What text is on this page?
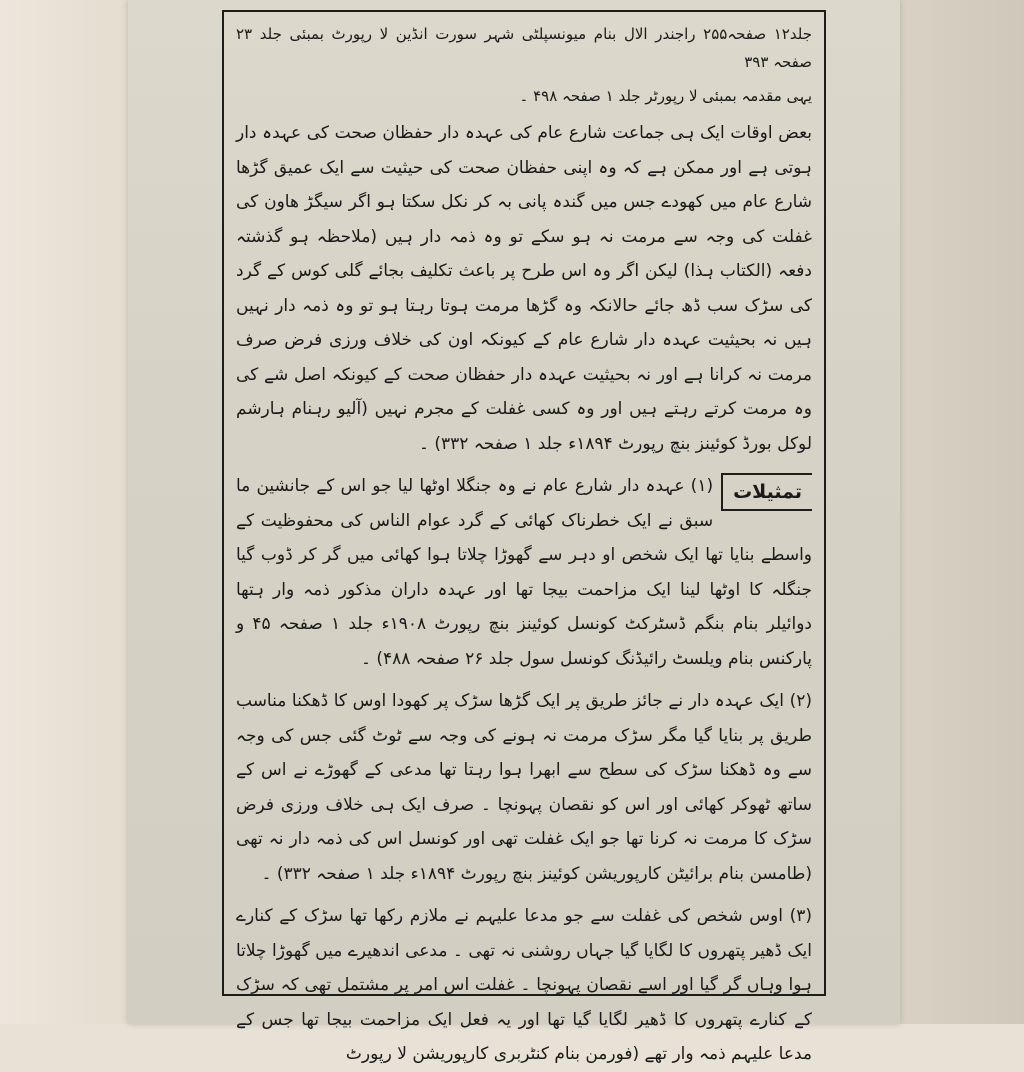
جلد۱۲ صفحہ۲۵۵ راجندر الال بنام میونسپلٹی شہر سورت انڈین لا رپورٹ بمبئی جلد ۲۳ صفحہ ۳۹۳

یہی مقدمہ بمبئی لا رپورٹر جلد ۱ صفحہ ۴۹۸ ۔

بعض اوقات ایک ہی جماعت شارع عام کی عہدہ دار حفظان صحت کی عہدہ دار ہوتی ہے اور ممکن ہے کہ وہ اپنی حفظان صحت کی حیثیت سے ایک عمیق گڑھا شارع عام میں کھودے جس میں گندہ پانی بہ کر نکل سکتا ہو اگر سیگڑ ھاون کی غفلت کی وجہ سے مرمت نہ ہو سکے تو وہ ذمہ دار ہیں (ملاحظہ ہو گذشتہ دفعہ (الکتاب ہذا) لیکن اگر وہ اس طرح پر باعث تکلیف بجائے گلی کوس کے گرد کی سڑک سب ڈھ جائے حالانکہ وہ گڑھا مرمت ہوتا رہتا ہو تو وہ ذمہ دار نہیں ہیں نہ بحیثیت عہدہ دار شارع عام کے کیونکہ اون کی خلاف ورزی فرض صرف مرمت نہ کرانا ہے اور نہ بحیثیت عہدہ دار حفظان صحت کے کیونکہ اصل شے کی وہ مرمت کرتے رہتے ہیں اور وہ کسی غفلت کے مجرم نہیں (آلیو رہنام ہارشم لوکل بورڈ کوئینز بنچ رپورٹ ۱۸۹۴ء جلد ۱ صفحہ ۳۳۲) ۔

تمثیلات

(۱) عہدہ دار شارع عام نے وہ جنگلا اوٹھا لیا جو اس کے جانشین ما سبق نے ایک خطرناک کھائی کے گرد عوام الناس کی محفوظیت کے واسطے بنایا تھا ایک شخص او دہر سے گھوڑا چلاتا ہوا کھائی میں گر کر ڈوب گیا جنگلہ کا اوٹھا لینا ایک مزاحمت بیجا تھا اور عہدہ داران مذکور ذمہ وار ہتھا دوائیلر بنام بنگم ڈسٹرکٹ کونسل کوئینز بنچ رپورٹ ۱۹۰۸ء جلد ۱ صفحہ ۴۵ و پارکنس بنام ویلسٹ رائیڈنگ کونسل سول جلد ۲۶ صفحہ ۴۸۸) ۔

(۲) ایک عہدہ دار نے جائز طریق پر ایک گڑھا سڑک پر کھودا اوس کا ڈھکنا مناسب طریق پر بنایا گیا مگر سڑک مرمت نہ ہونے کی وجہ سے ٹوٹ گئی جس کی وجہ سے وہ ڈھکنا سڑک کی سطح سے ابھرا ہوا رہتا تھا مدعی کے گھوڑے نے اس کے ساتھ ٹھوکر کھائی اور اس کو نقصان پہونچا ۔ صرف ایک ہی خلاف ورزی فرض سڑک کا مرمت نہ کرنا تھا جو ایک غفلت تھی اور کونسل اس کی ذمہ دار نہ تھی (طامسن بنام برائیٹن کارپوریشن کوئینز بنچ رپورٹ ۱۸۹۴ء جلد ۱ صفحہ ۳۳۲) ۔

(۳) اوس شخص کی غفلت سے جو مدعا علیہم نے ملازم رکھا تھا سڑک کے کنارے ایک ڈھیر پتھروں کا لگایا گیا جہاں روشنی نہ تھی ۔ مدعی اندھیرے میں گھوڑا چلاتا ہوا وہاں گر گیا اور اسے نقصان پہونچا ۔ غفلت اس امر پر مشتمل تھی کہ سڑک کے کنارے پتھروں کا ڈھیر لگایا گیا تھا اور یہ فعل ایک مزاحمت بیجا تھا جس کے مدعا علیہم ذمہ وار تھے (فورمن بنام کنٹربری کارپوریشن لا رپورٹ
